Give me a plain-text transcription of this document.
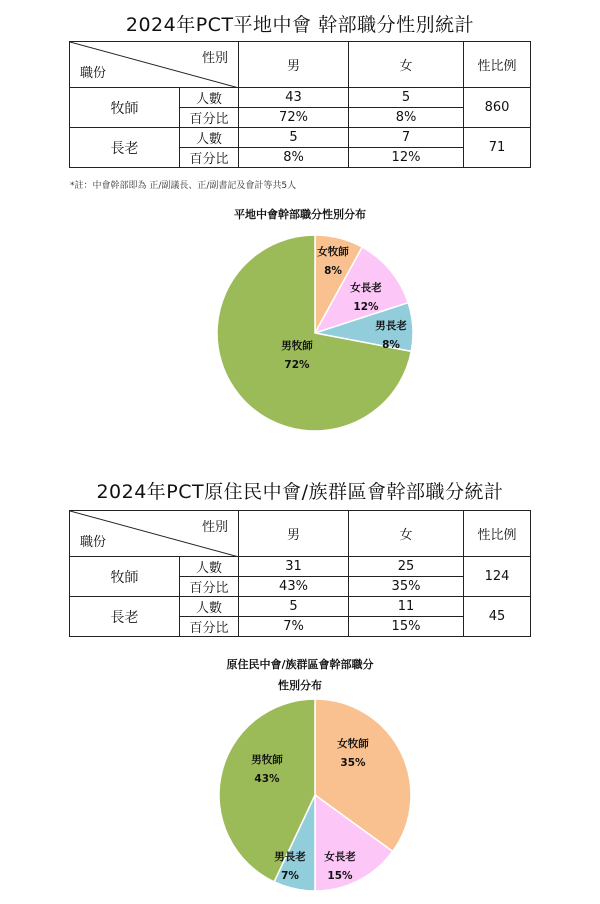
2024年PCT平地中會 幹部職分性別統計
性別
職份		男	女	性比例
牧師	人數	43	5	860
	百分比	72%	8%	
長老	人數	5	7	71
	百分比	8%	12%	
*註：中會幹部即為 正/副議長、正/副書記及會計等共5人
平地中會幹部職分性別分布
女牧師
8%
女長老
12%
男長老
8%
男牧師
72%
2024年PCT原住民中會/族群區會幹部職分統計
性別
職份		男	女	性比例
牧師	人數	31	25	124
	百分比	43%	35%	
長老	人數	5	11	45
	百分比	7%	15%	
原住民中會/族群區會幹部職分
性別分布
女牧師
35%
女長老
15%
男長老
7%
男牧師
43%
